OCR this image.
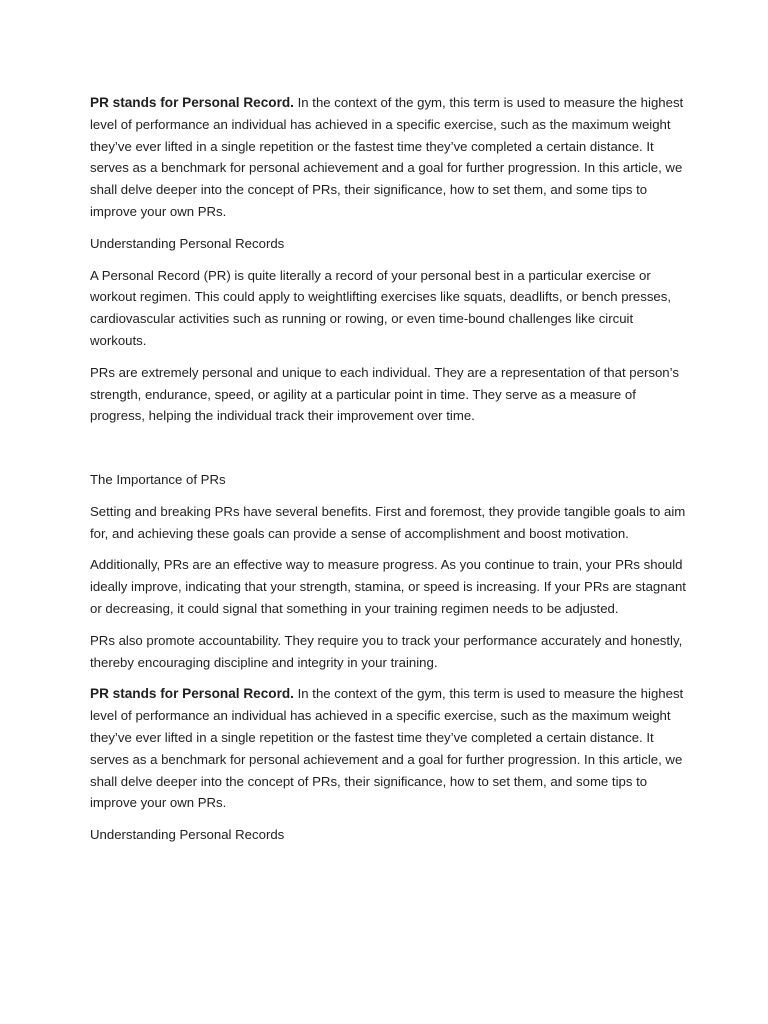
PR stands for Personal Record. In the context of the gym, this term is used to measure the highest level of performance an individual has achieved in a specific exercise, such as the maximum weight they’ve ever lifted in a single repetition or the fastest time they’ve completed a certain distance. It serves as a benchmark for personal achievement and a goal for further progression. In this article, we shall delve deeper into the concept of PRs, their significance, how to set them, and some tips to improve your own PRs.

Understanding Personal Records

A Personal Record (PR) is quite literally a record of your personal best in a particular exercise or workout regimen. This could apply to weightlifting exercises like squats, deadlifts, or bench presses, cardiovascular activities such as running or rowing, or even time-bound challenges like circuit workouts.

PRs are extremely personal and unique to each individual. They are a representation of that person’s strength, endurance, speed, or agility at a particular point in time. They serve as a measure of progress, helping the individual track their improvement over time.

The Importance of PRs

Setting and breaking PRs have several benefits. First and foremost, they provide tangible goals to aim for, and achieving these goals can provide a sense of accomplishment and boost motivation.

Additionally, PRs are an effective way to measure progress. As you continue to train, your PRs should ideally improve, indicating that your strength, stamina, or speed is increasing. If your PRs are stagnant or decreasing, it could signal that something in your training regimen needs to be adjusted.

PRs also promote accountability. They require you to track your performance accurately and honestly, thereby encouraging discipline and integrity in your training.

PR stands for Personal Record. In the context of the gym, this term is used to measure the highest level of performance an individual has achieved in a specific exercise, such as the maximum weight they’ve ever lifted in a single repetition or the fastest time they’ve completed a certain distance. It serves as a benchmark for personal achievement and a goal for further progression. In this article, we shall delve deeper into the concept of PRs, their significance, how to set them, and some tips to improve your own PRs.

Understanding Personal Records
